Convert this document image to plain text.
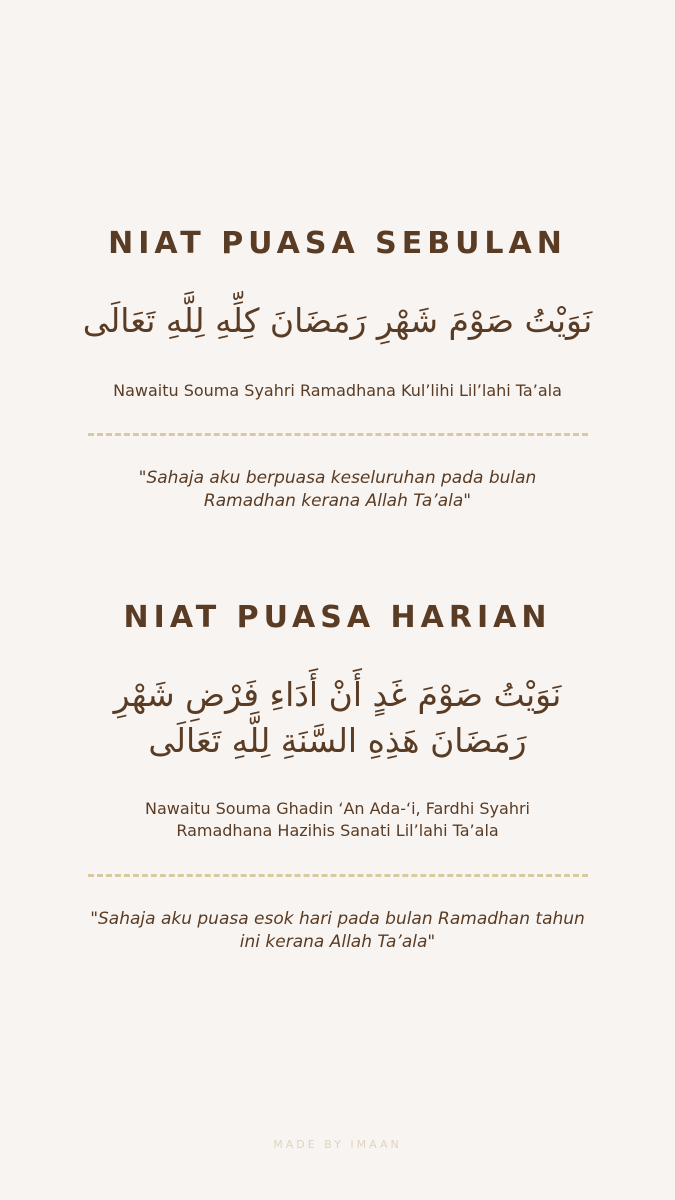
NIAT PUASA SEBULAN

نَوَيْتُ صَوْمَ شَهْرِ رَمَضَانَ كِلِّهِ لِلَّهِ تَعَالَى

Nawaitu Souma Syahri Ramadhana Kul’lihi Lil’lahi Ta’ala

"Sahaja aku berpuasa keseluruhan pada bulan Ramadhan kerana Allah Ta’ala"

NIAT PUASA HARIAN

نَوَيْتُ صَوْمَ غَدٍ أَنْ أَدَاءِ فَرْضِ شَهْرِ رَمَضَانَ هَذِهِ السَّنَةِ لِلَّهِ تَعَالَى

Nawaitu Souma Ghadin ‘An Ada-‘i, Fardhi Syahri Ramadhana Hazihis Sanati Lil’lahi Ta’ala

"Sahaja aku puasa esok hari pada bulan Ramadhan tahun ini kerana Allah Ta’ala"

MADE BY IMAAN
